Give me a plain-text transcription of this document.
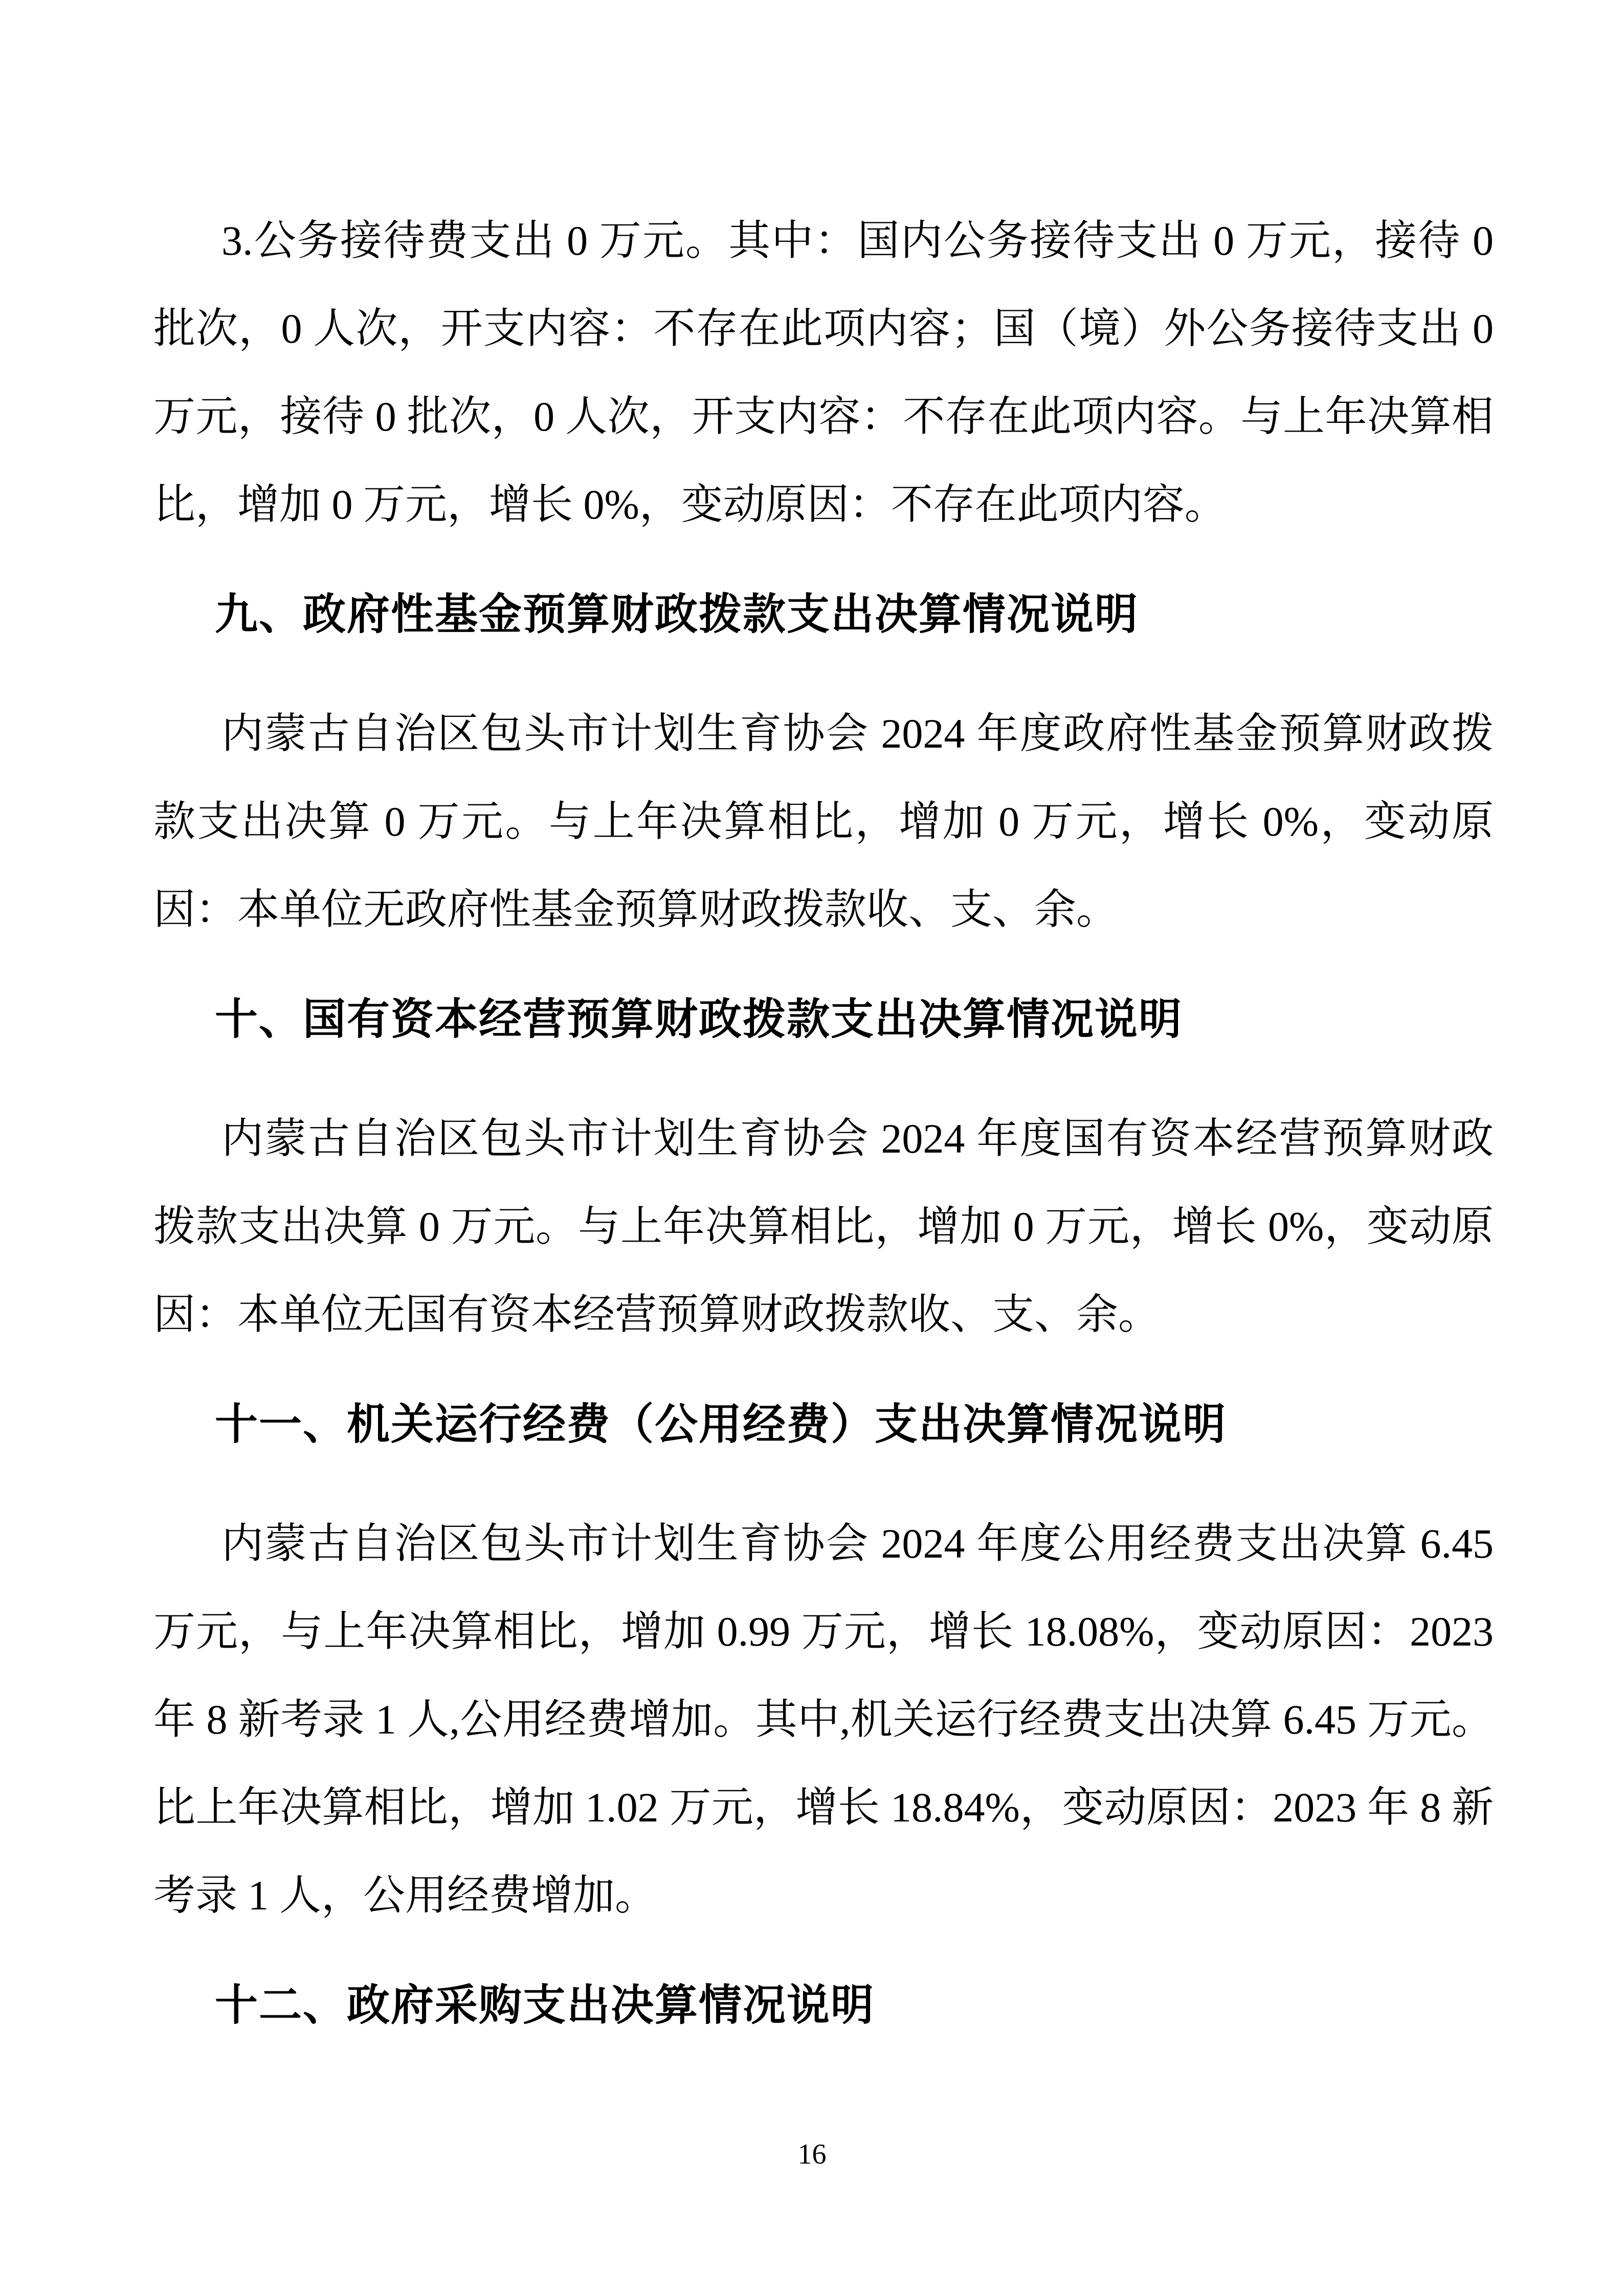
3.公务接待费支出 0 万元。其中：国内公务接待支出 0 万元，接待 0 批次，0 人次，开支内容：不存在此项内容；国（境）外公务接待支出 0 万元，接待 0 批次，0 人次，开支内容：不存在此项内容。与上年决算相比，增加 0 万元，增长 0%，变动原因：不存在此项内容。

九、政府性基金预算财政拨款支出决算情况说明

内蒙古自治区包头市计划生育协会 2024 年度政府性基金预算财政拨款支出决算 0 万元。与上年决算相比，增加 0 万元，增长 0%，变动原因：本单位无政府性基金预算财政拨款收、支、余。

十、国有资本经营预算财政拨款支出决算情况说明

内蒙古自治区包头市计划生育协会 2024 年度国有资本经营预算财政拨款支出决算 0 万元。与上年决算相比，增加 0 万元，增长 0%，变动原因：本单位无国有资本经营预算财政拨款收、支、余。

十一、机关运行经费（公用经费）支出决算情况说明

内蒙古自治区包头市计划生育协会 2024 年度公用经费支出决算 6.45 万元，与上年决算相比，增加 0.99 万元，增长 18.08%，变动原因：2023 年 8 新考录 1 人,公用经费增加。其中,机关运行经费支出决算 6.45 万元。比上年决算相比，增加 1.02 万元，增长 18.84%，变动原因：2023 年 8 新考录 1 人，公用经费增加。

十二、政府采购支出决算情况说明
16
